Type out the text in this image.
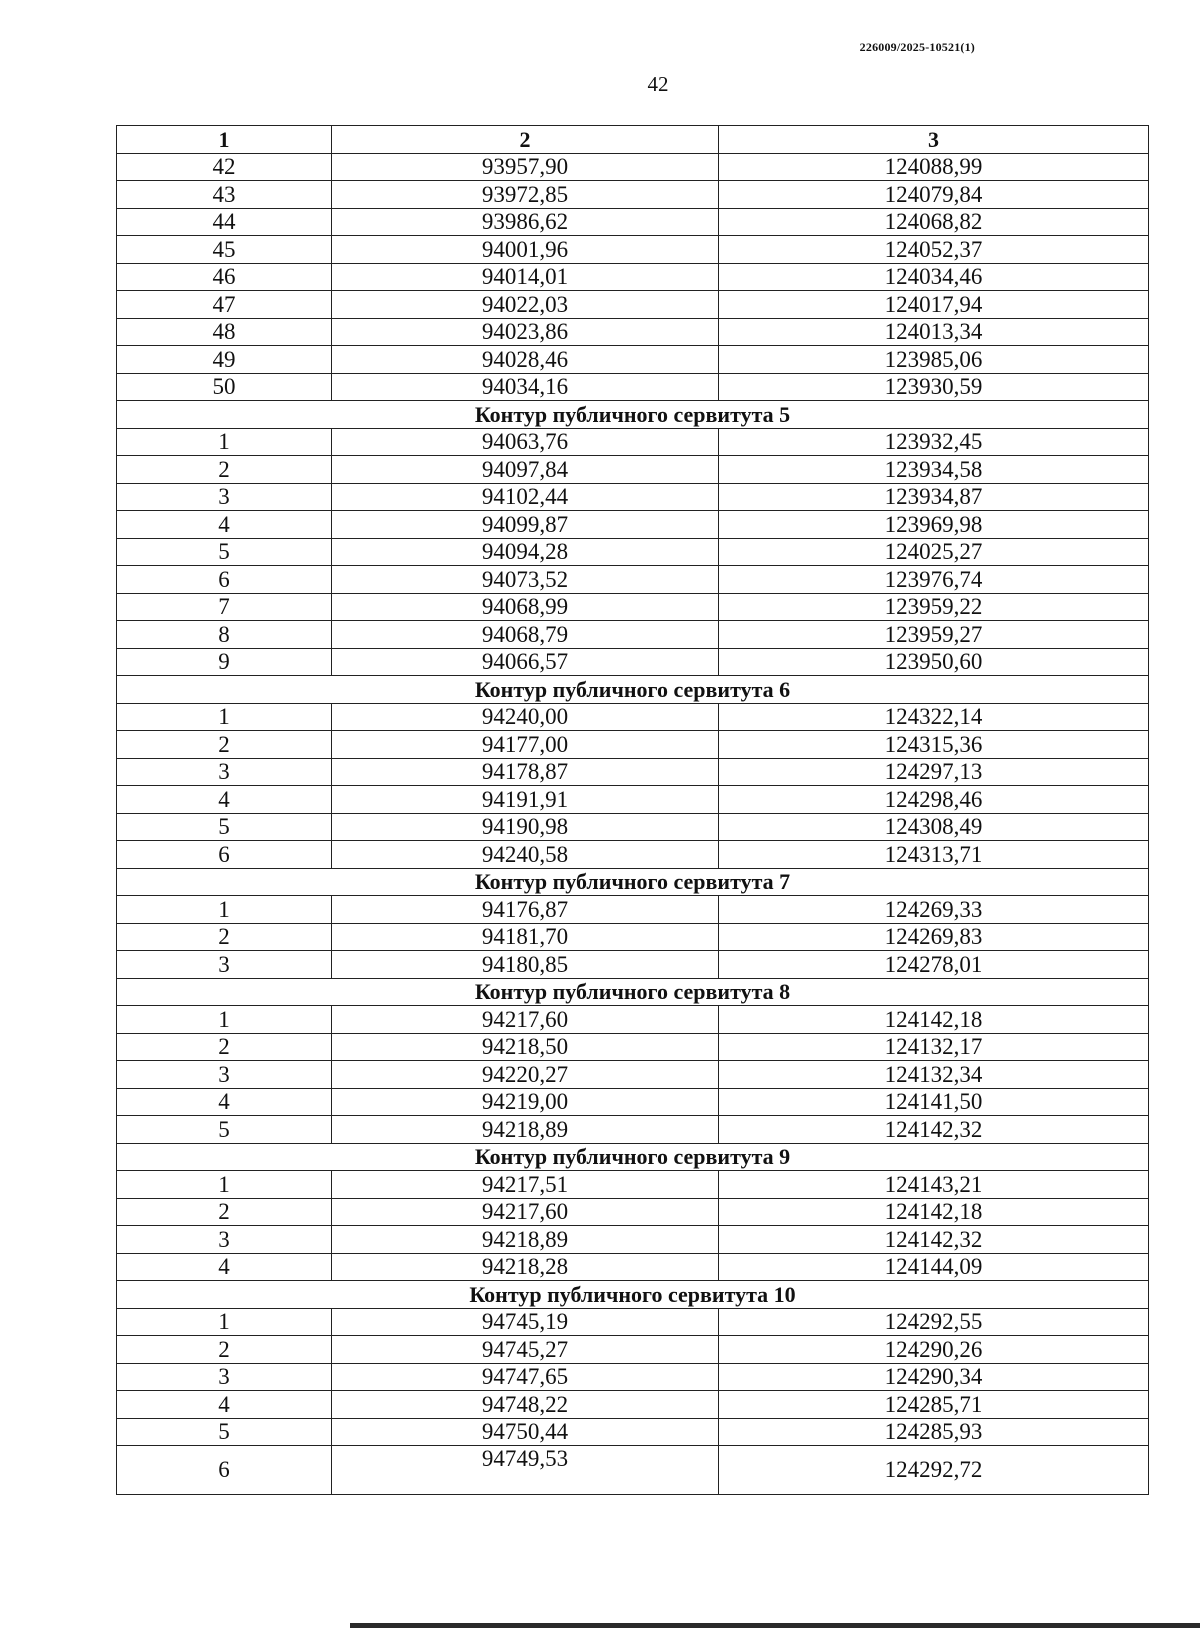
226009/2025-10521(1)
42
1	2	3
42	93957,90	124088,99
43	93972,85	124079,84
44	93986,62	124068,82
45	94001,96	124052,37
46	94014,01	124034,46
47	94022,03	124017,94
48	94023,86	124013,34
49	94028,46	123985,06
50	94034,16	123930,59
Контур публичного сервитута 5		
1	94063,76	123932,45
2	94097,84	123934,58
3	94102,44	123934,87
4	94099,87	123969,98
5	94094,28	124025,27
6	94073,52	123976,74
7	94068,99	123959,22
8	94068,79	123959,27
9	94066,57	123950,60
Контур публичного сервитута 6		
1	94240,00	124322,14
2	94177,00	124315,36
3	94178,87	124297,13
4	94191,91	124298,46
5	94190,98	124308,49
6	94240,58	124313,71
Контур публичного сервитута 7		
1	94176,87	124269,33
2	94181,70	124269,83
3	94180,85	124278,01
Контур публичного сервитута 8		
1	94217,60	124142,18
2	94218,50	124132,17
3	94220,27	124132,34
4	94219,00	124141,50
5	94218,89	124142,32
Контур публичного сервитута 9		
1	94217,51	124143,21
2	94217,60	124142,18
3	94218,89	124142,32
4	94218,28	124144,09
Контур публичного сервитута 10		
1	94745,19	124292,55
2	94745,27	124290,26
3	94747,65	124290,34
4	94748,22	124285,71
5	94750,44	124285,93
6	94749,53	124292,72
